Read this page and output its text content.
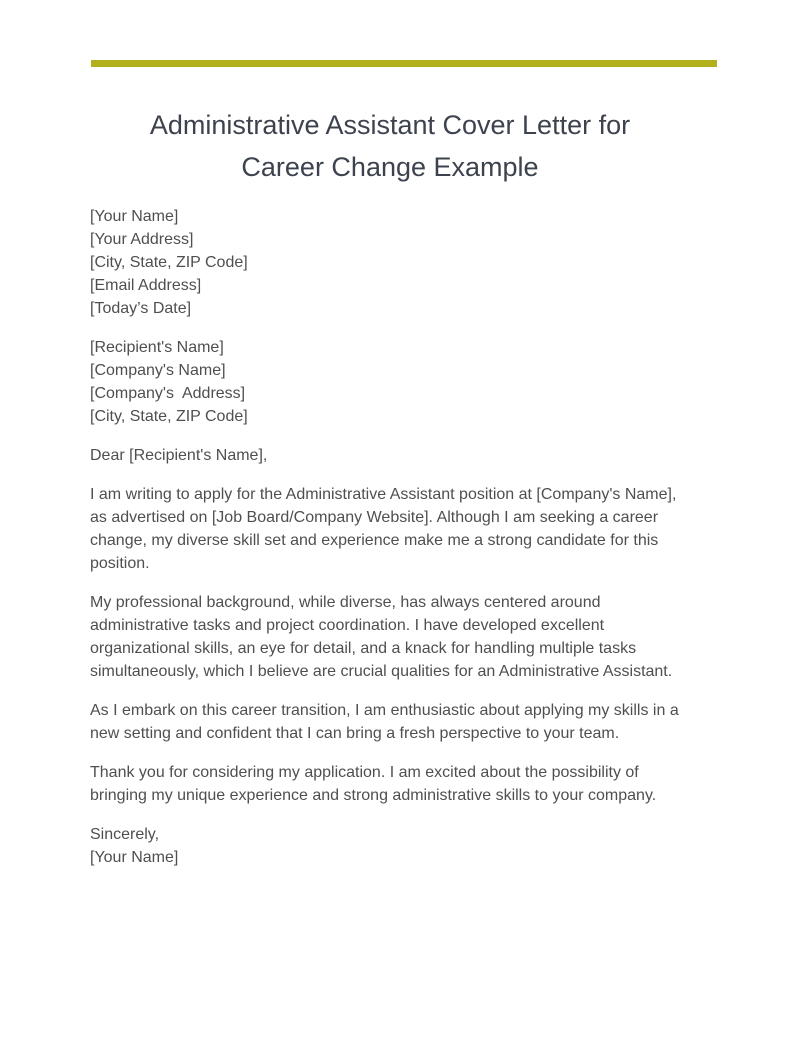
Administrative Assistant Cover Letter for
Career Change Example
[Your Name]
[Your Address]
[City, State, ZIP Code]
[Email Address]
[Today’s Date]
[Recipient's Name]
[Company's Name]
[Company's  Address]
[City, State, ZIP Code]

Dear [Recipient's Name],

I am writing to apply for the Administrative Assistant position at [Company's Name], as advertised on [Job Board/Company Website]. Although I am seeking a career change, my diverse skill set and experience make me a strong candidate for this position.

My professional background, while diverse, has always centered around administrative tasks and project coordination. I have developed excellent organizational skills, an eye for detail, and a knack for handling multiple tasks simultaneously, which I believe are crucial qualities for an Administrative Assistant.

As I embark on this career transition, I am enthusiastic about applying my skills in a new setting and confident that I can bring a fresh perspective to your team.

Thank you for considering my application. I am excited about the possibility of bringing my unique experience and strong administrative skills to your company.

Sincerely,
[Your Name]
